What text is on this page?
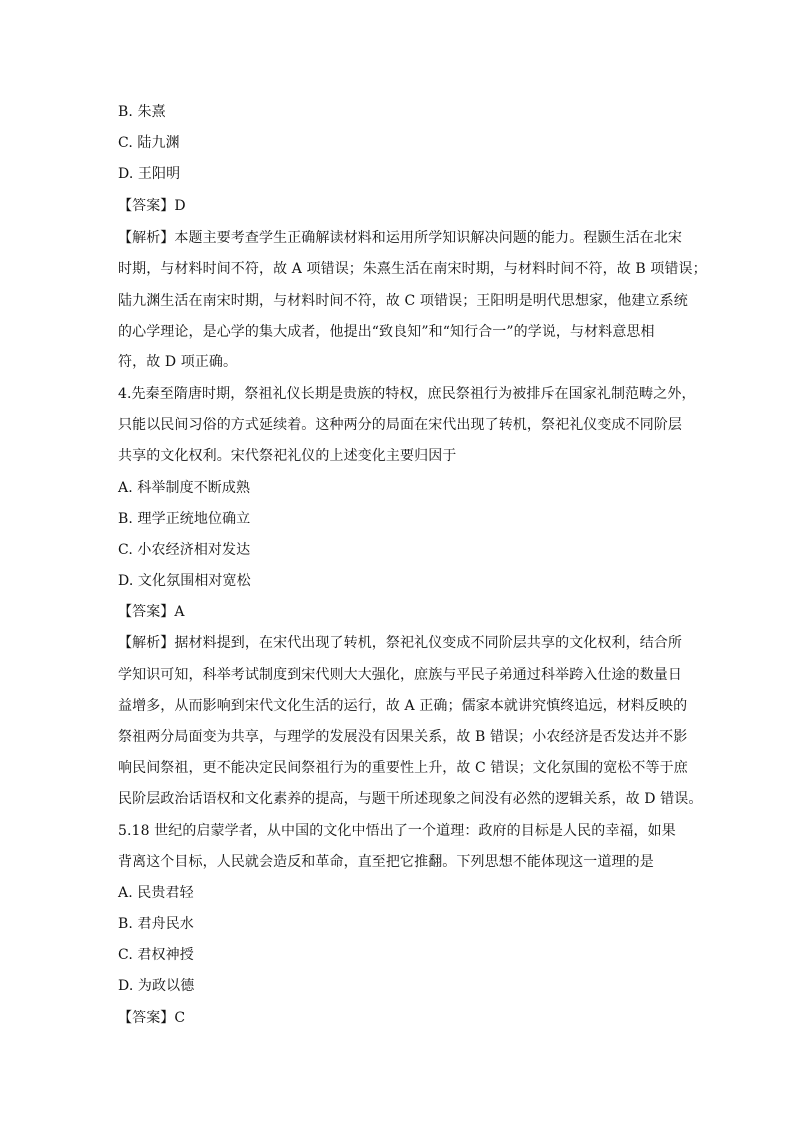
B. 朱熹
C. 陆九渊
D. 王阳明
【答案】D
【解析】本题主要考查学生正确解读材料和运用所学知识解决问题的能力。程颢生活在北宋
时期，与材料时间不符，故 A 项错误；朱熹生活在南宋时期，与材料时间不符，故 B 项错误；
陆九渊生活在南宋时期，与材料时间不符，故 C 项错误；王阳明是明代思想家，他建立系统
的心学理论，是心学的集大成者，他提出“致良知”和“知行合一”的学说，与材料意思相
符，故 D 项正确。
4.先秦至隋唐时期，祭祖礼仪长期是贵族的特权，庶民祭祖行为被排斥在国家礼制范畴之外，
只能以民间习俗的方式延续着。这种两分的局面在宋代出现了转机，祭祀礼仪变成不同阶层
共享的文化权利。宋代祭祀礼仪的上述变化主要归因于
A. 科举制度不断成熟
B. 理学正统地位确立
C. 小农经济相对发达
D. 文化氛围相对宽松
【答案】A
【解析】据材料提到，在宋代出现了转机，祭祀礼仪变成不同阶层共享的文化权利，结合所
学知识可知，科举考试制度到宋代则大大强化，庶族与平民子弟通过科举跨入仕途的数量日
益增多，从而影响到宋代文化生活的运行，故 A 正确；儒家本就讲究慎终追远，材料反映的
祭祖两分局面变为共享，与理学的发展没有因果关系，故 B 错误；小农经济是否发达并不影
响民间祭祖，更不能决定民间祭祖行为的重要性上升，故 C 错误；文化氛围的宽松不等于庶
民阶层政治话语权和文化素养的提高，与题干所述现象之间没有必然的逻辑关系，故 D 错误。
5.18 世纪的启蒙学者，从中国的文化中悟出了一个道理：政府的目标是人民的幸福，如果
背离这个目标，人民就会造反和革命，直至把它推翻。下列思想不能体现这一道理的是
A. 民贵君轻
B. 君舟民水
C. 君权神授
D. 为政以德
【答案】C
